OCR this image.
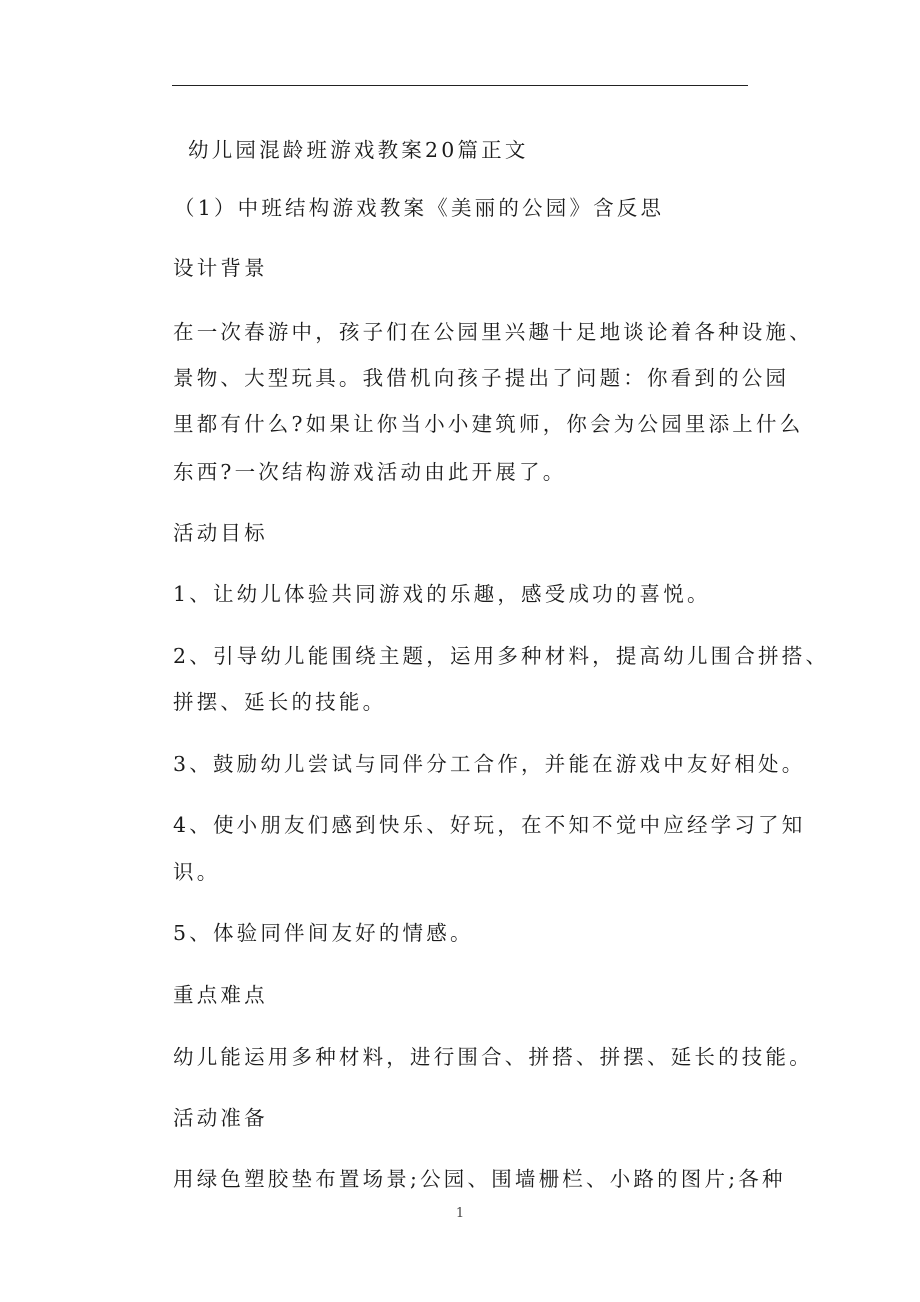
幼儿园混龄班游戏教案20篇正文
（1）中班结构游戏教案《美丽的公园》含反思
设计背景
在一次春游中，孩子们在公园里兴趣十足地谈论着各种设施、
景物、大型玩具。我借机向孩子提出了问题：你看到的公园
里都有什么?如果让你当小小建筑师，你会为公园里添上什么
东西?一次结构游戏活动由此开展了。
活动目标
1、让幼儿体验共同游戏的乐趣，感受成功的喜悦。
2、引导幼儿能围绕主题，运用多种材料，提高幼儿围合拼搭、
拼摆、延长的技能。
3、鼓励幼儿尝试与同伴分工合作，并能在游戏中友好相处。
4、使小朋友们感到快乐、好玩，在不知不觉中应经学习了知
识。
5、体验同伴间友好的情感。
重点难点
幼儿能运用多种材料，进行围合、拼搭、拼摆、延长的技能。
活动准备
用绿色塑胶垫布置场景;公园、围墙栅栏、小路的图片;各种
1
